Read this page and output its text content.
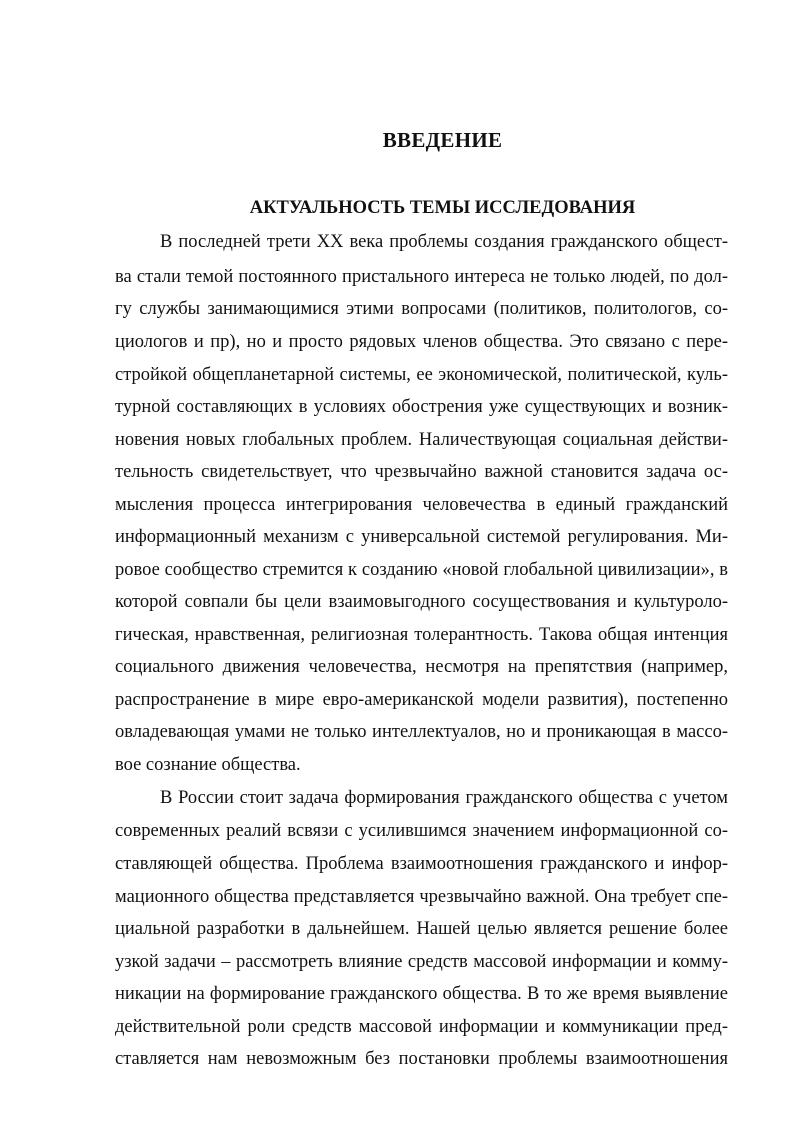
ВВЕДЕНИЕ
АКТУАЛЬНОСТЬ ТЕМЫ ИССЛЕДОВАНИЯ
В последней трети XX века проблемы создания гражданского общест-
ва стали темой постоянного пристального интереса не только людей, по дол-
гу службы занимающимися этими вопросами (политиков, политологов, со-
циологов и пр), но и просто рядовых членов общества. Это связано с пере-
стройкой общепланетарной системы, ее экономической, политической, куль-
турной составляющих в условиях обострения уже существующих и возник-
новения новых глобальных проблем. Наличествующая социальная действи-
тельность свидетельствует, что чрезвычайно важной становится задача ос-
мысления процесса интегрирования человечества в единый гражданский
информационный механизм с универсальной системой регулирования. Ми-
ровое сообщество стремится к созданию «новой глобальной цивилизации», в
которой совпали бы цели взаимовыгодного сосуществования и культуроло-
гическая, нравственная, религиозная толерантность. Такова общая интенция
социального движения человечества, несмотря на препятствия (например,
распространение в мире евро-американской модели развития), постепенно
овладевающая умами не только интеллектуалов, но и проникающая в массо-
вое сознание общества.
В России стоит задача формирования гражданского общества с учетом
современных реалий всвязи с усилившимся значением информационной со-
ставляющей общества. Проблема взаимоотношения гражданского и инфор-
мационного общества представляется чрезвычайно важной. Она требует спе-
циальной разработки в дальнейшем. Нашей целью является решение более
узкой задачи – рассмотреть влияние средств массовой информации и комму-
никации на формирование гражданского общества. В то же время выявление
действительной роли средств массовой информации и коммуникации пред-
ставляется нам невозможным без постановки проблемы взаимоотношения
